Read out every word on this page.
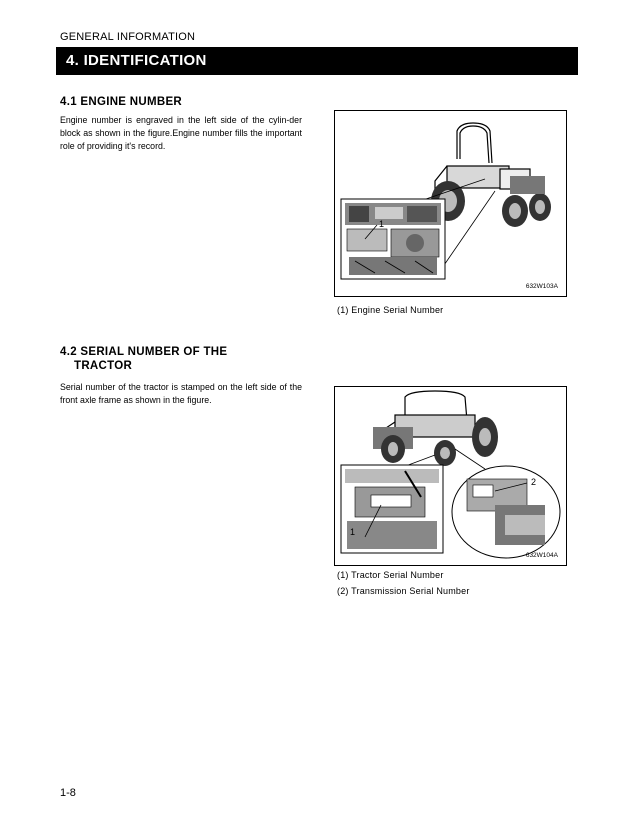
GENERAL INFORMATION
4. IDENTIFICATION
4.1 ENGINE NUMBER
Engine number is engraved in the left side of the cylin-der block as shown in the figure.Engine number fills the important role of providing it's record.
1
632W103A
(1) Engine Serial Number
4.2 SERIAL NUMBER OF THE
TRACTOR
Serial number of the tractor is stamped on the left side of the front axle frame as shown in the figure.
1
2
632W104A
(1) Tractor Serial Number
(2) Transmission Serial Number
1-8
